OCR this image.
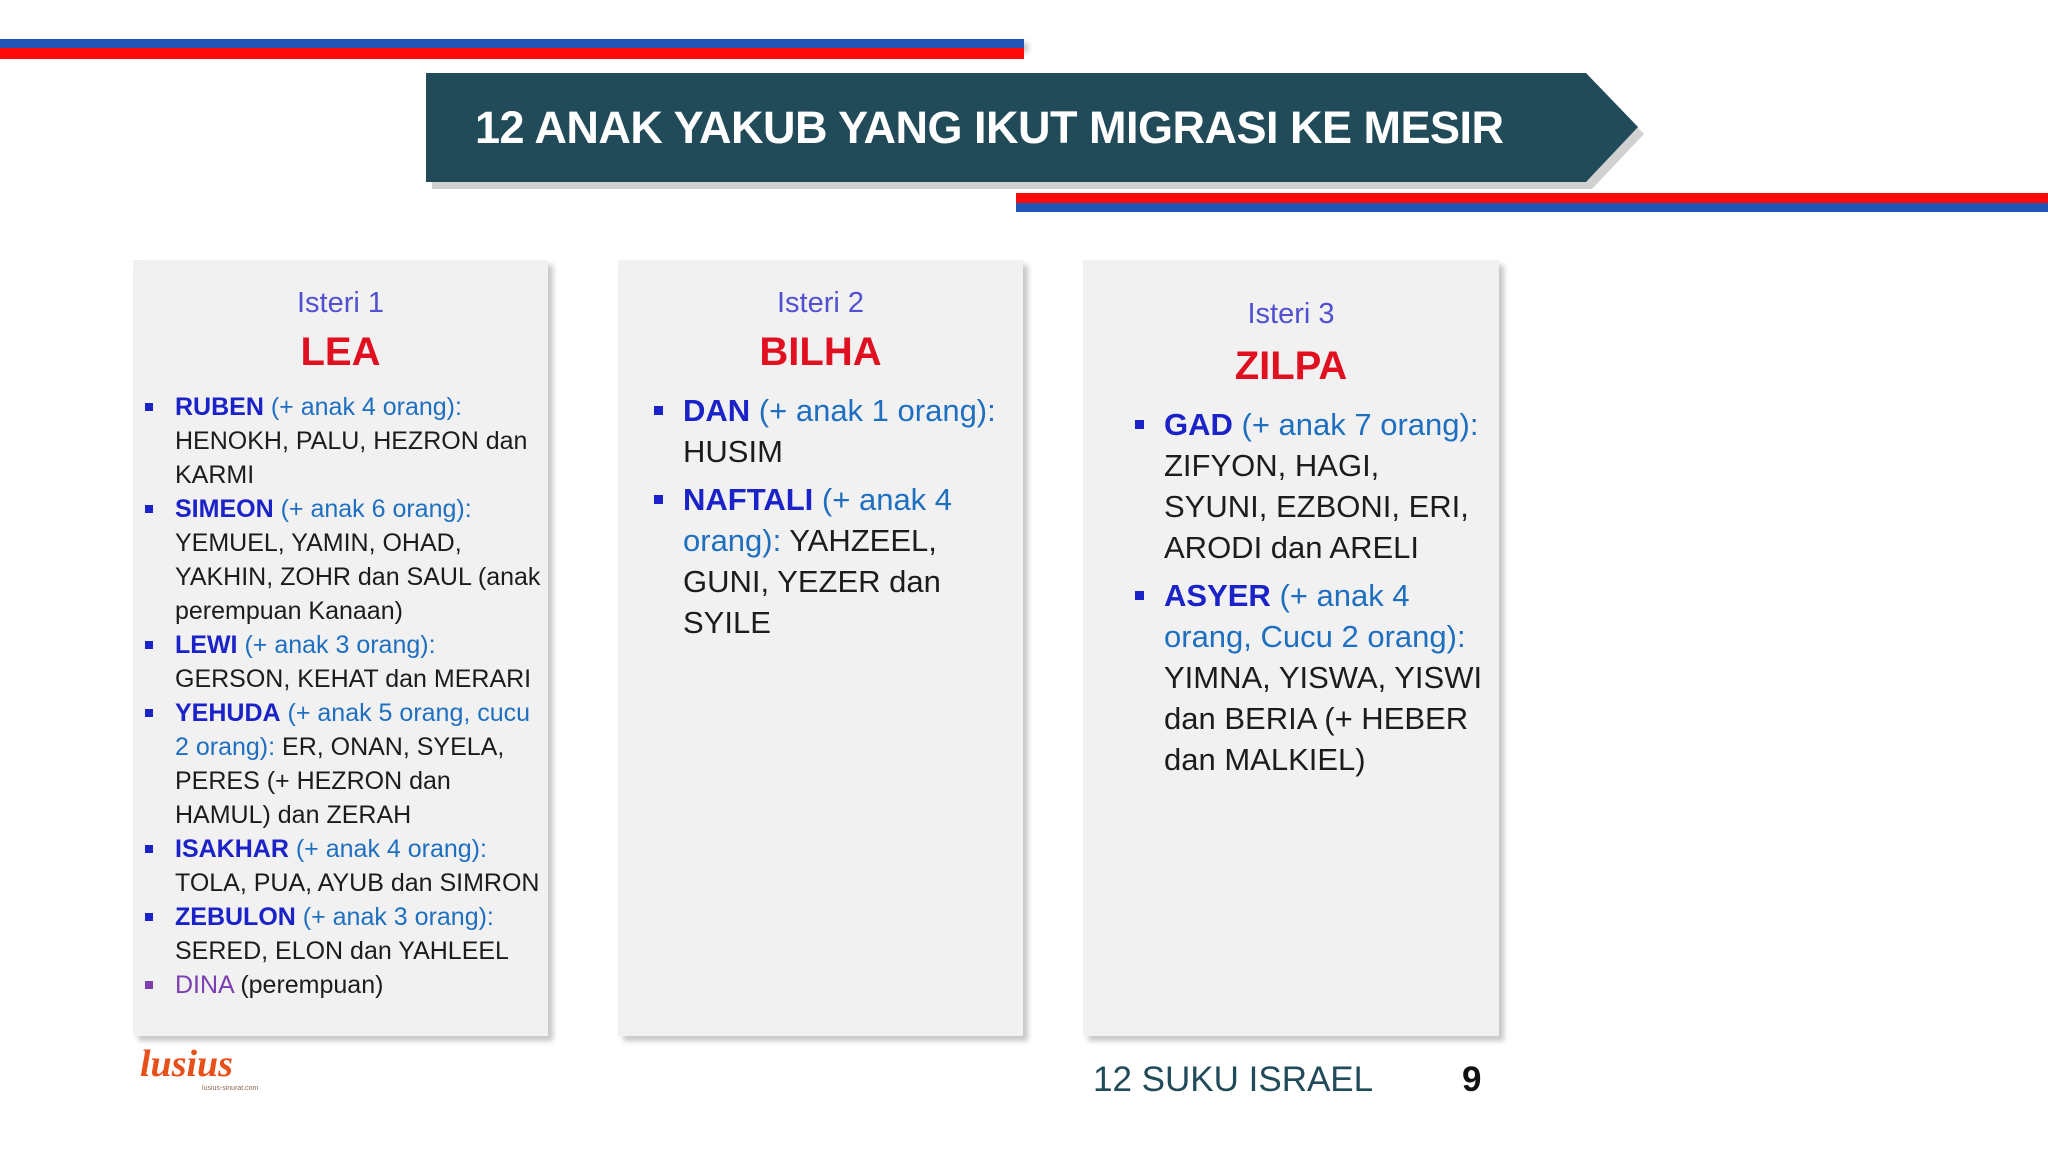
12 ANAK YAKUB YANG IKUT MIGRASI KE MESIR
Isteri 1
LEA
RUBEN (+ anak 4 orang): HENOKH, PALU, HEZRON dan KARMI
SIMEON (+ anak 6 orang): YEMUEL, YAMIN, OHAD, YAKHIN, ZOHR dan SAUL (anak perempuan Kanaan)
LEWI (+ anak 3 orang): GERSON, KEHAT dan MERARI
YEHUDA (+ anak 5 orang, cucu 2 orang): ER, ONAN, SYELA, PERES (+ HEZRON dan HAMUL) dan ZERAH
ISAKHAR (+ anak 4 orang): TOLA, PUA, AYUB dan SIMRON
ZEBULON (+ anak 3 orang): SERED, ELON dan YAHLEEL
DINA (perempuan)
Isteri 2
BILHA
DAN (+ anak 1 orang): HUSIM
NAFTALI (+ anak 4 orang): YAHZEEL, GUNI, YEZER dan SYILE
Isteri 3
ZILPA
GAD (+ anak 7 orang): ZIFYON, HAGI, SYUNI, EZBONI, ERI, ARODI dan ARELI
ASYER (+ anak 4 orang, Cucu 2 orang): YIMNA, YISWA, YISWI dan BERIA (+ HEBER dan MALKIEL)
lusius
lusius-sinurat.com	12 SUKU ISRAEL	9
